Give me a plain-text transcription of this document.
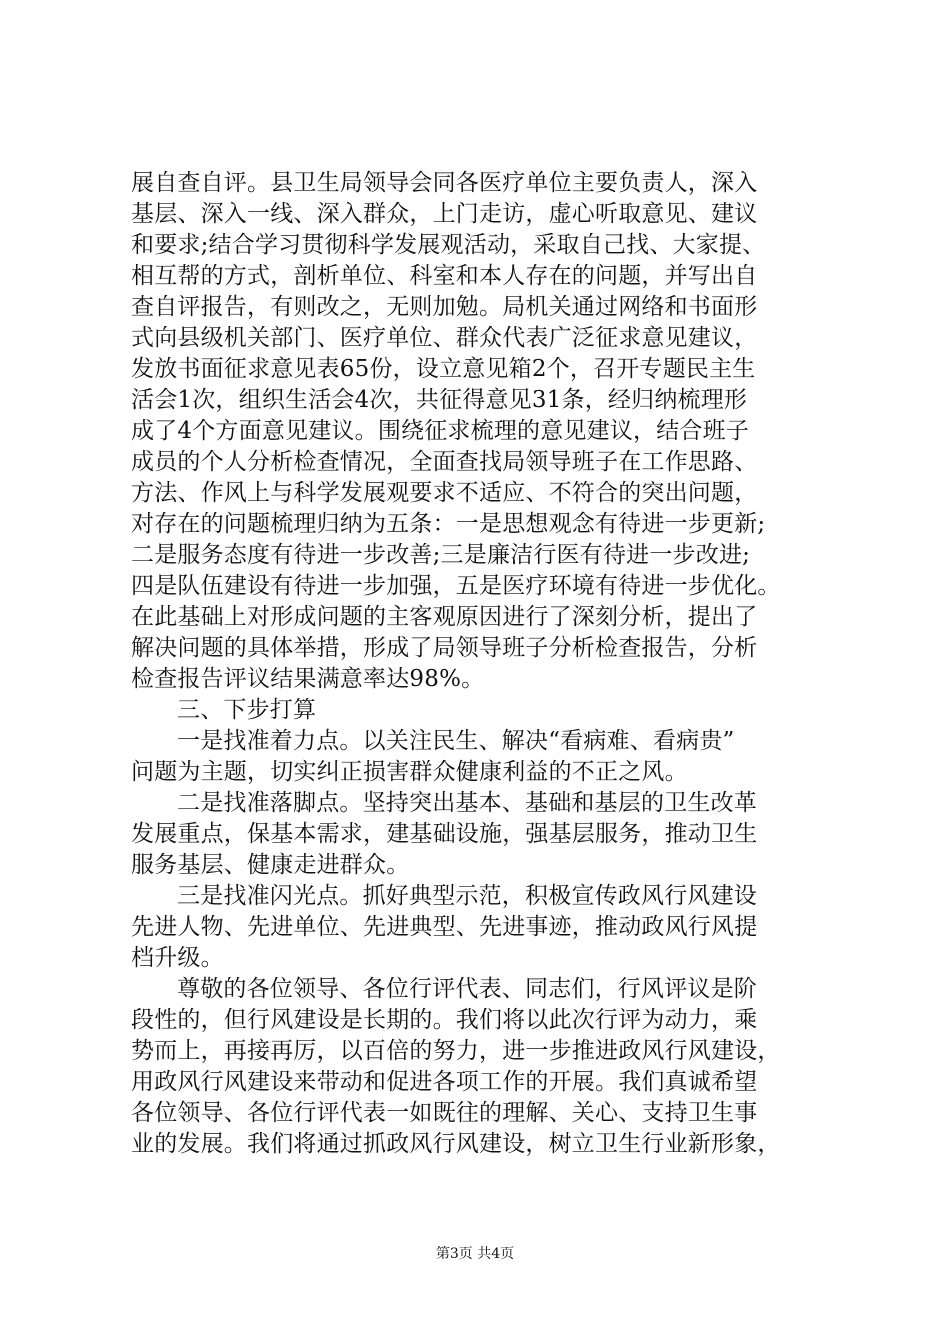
展自查自评。县卫生局领导会同各医疗单位主要负责人，深入
基层、深入一线、深入群众，上门走访，虚心听取意见、建议
和要求;结合学习贯彻科学发展观活动，采取自己找、大家提、
相互帮的方式，剖析单位、科室和本人存在的问题，并写出自
查自评报告，有则改之，无则加勉。局机关通过网络和书面形
式向县级机关部门、医疗单位、群众代表广泛征求意见建议，
发放书面征求意见表65份，设立意见箱2个，召开专题民主生
活会1次，组织生活会4次，共征得意见31条，经归纳梳理形
成了4个方面意见建议。围绕征求梳理的意见建议，结合班子
成员的个人分析检查情况，全面查找局领导班子在工作思路、
方法、作风上与科学发展观要求不适应、不符合的突出问题，
对存在的问题梳理归纳为五条：一是思想观念有待进一步更新;
二是服务态度有待进一步改善;三是廉洁行医有待进一步改进;
四是队伍建设有待进一步加强，五是医疗环境有待进一步优化。
在此基础上对形成问题的主客观原因进行了深刻分析，提出了
解决问题的具体举措，形成了局领导班子分析检查报告，分析
检查报告评议结果满意率达98%。
三、下步打算
一是找准着力点。以关注民生、解决“看病难、看病贵”
问题为主题，切实纠正损害群众健康利益的不正之风。
二是找准落脚点。坚持突出基本、基础和基层的卫生改革
发展重点，保基本需求，建基础设施，强基层服务，推动卫生
服务基层、健康走进群众。
三是找准闪光点。抓好典型示范，积极宣传政风行风建设
先进人物、先进单位、先进典型、先进事迹，推动政风行风提
档升级。
尊敬的各位领导、各位行评代表、同志们，行风评议是阶
段性的，但行风建设是长期的。我们将以此次行评为动力，乘
势而上，再接再厉，以百倍的努力，进一步推进政风行风建设，
用政风行风建设来带动和促进各项工作的开展。我们真诚希望
各位领导、各位行评代表一如既往的理解、关心、支持卫生事
业的发展。我们将通过抓政风行风建设，树立卫生行业新形象，
第3页 共4页
